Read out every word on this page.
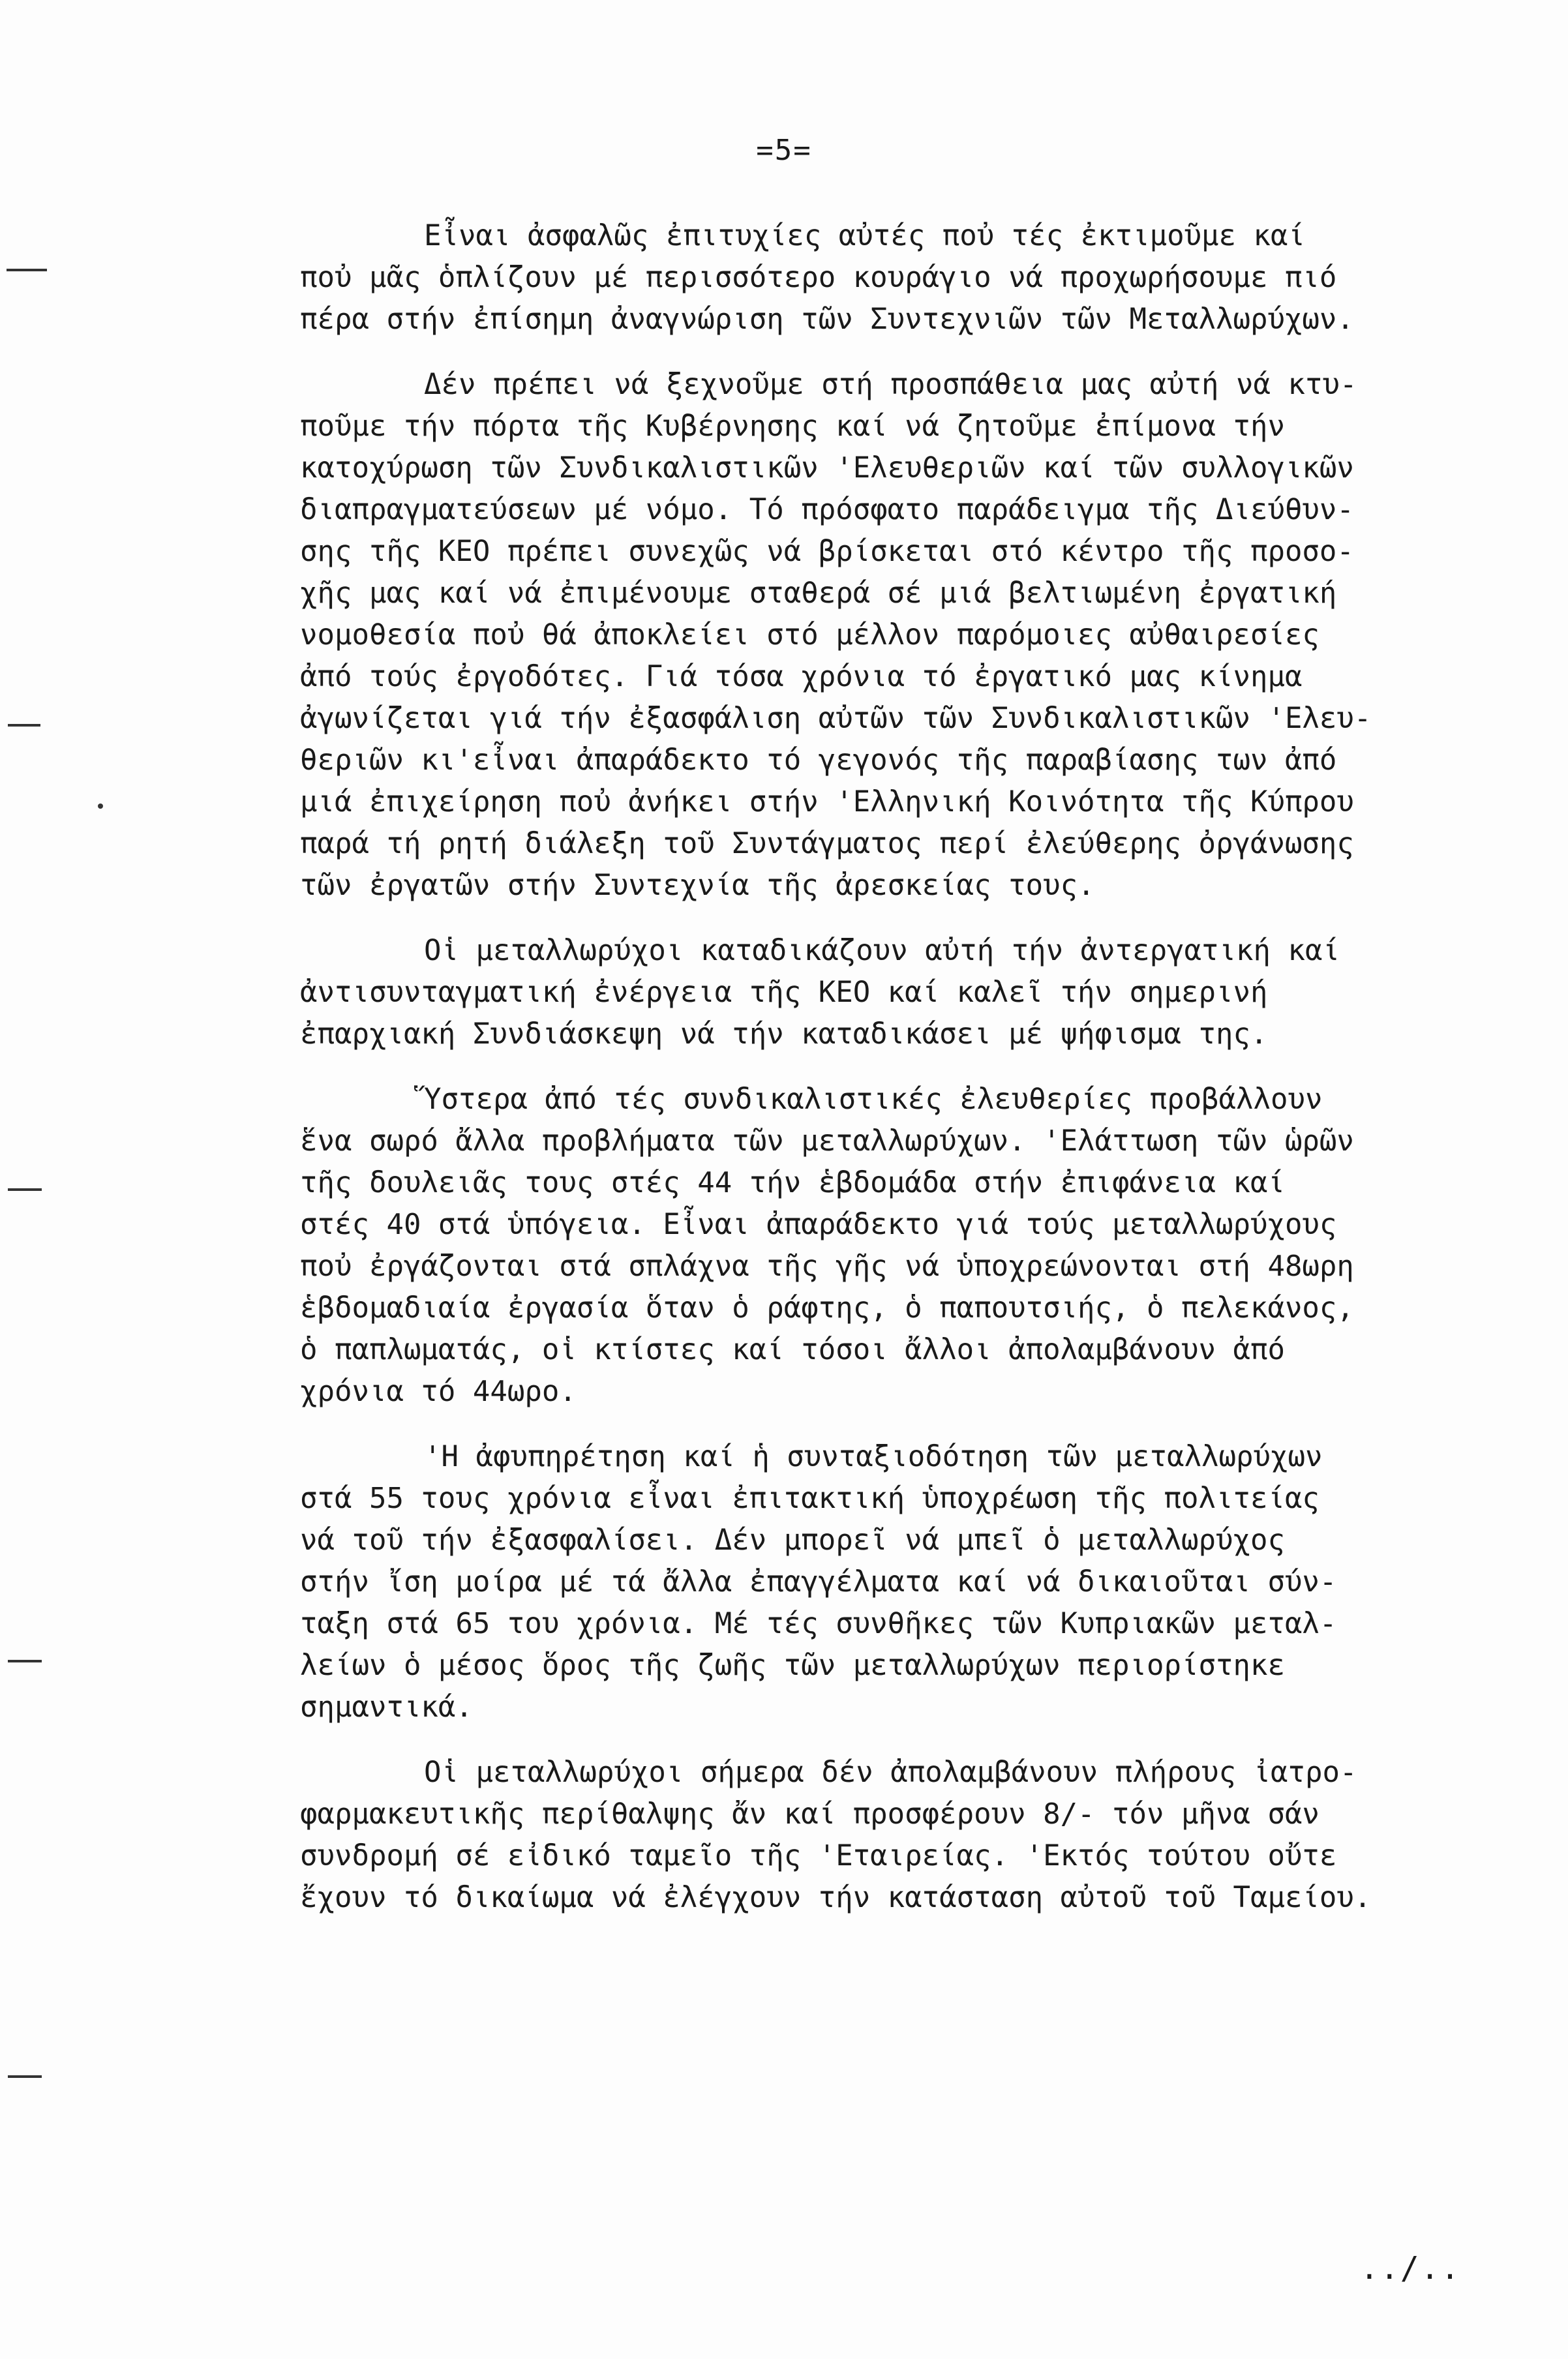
=5=
Εἶναι ἀσφαλῶς ἐπιτυχίες αὐτές ποὐ τές ἐκτιμοῦμε καί
ποὐ μᾶς ὁπλίζουν μέ περισσότερο κουράγιο νά προχωρήσουμε πιό
πέρα στήν ἐπίσημη ἀναγνώριση τῶν Συντεχνιῶν τῶν Μεταλλωρύχων.
Δέν πρέπει νά ξεχνοῦμε στή προσπάθεια μας αὐτή νά κτυ-
ποῦμε τήν πόρτα τῆς Κυβέρνησης καί νά ζητοῦμε ἐπίμονα τήν
κατοχύρωση τῶν Συνδικαλιστικῶν 'Ελευθεριῶν καί τῶν συλλογικῶν
διαπραγματεύσεων μέ νόμο. Τό πρόσφατο παράδειγμα τῆς Διεύθυν-
σης τῆς ΚΕΟ πρέπει συνεχῶς νά βρίσκεται στό κέντρο τῆς προσο-
χῆς μας καί νά ἐπιμένουμε σταθερά σέ μιά βελτιωμένη ἐργατική
νομοθεσία ποὐ θά ἀποκλείει στό μέλλον παρόμοιες αὐθαιρεσίες
ἀπό τούς ἐργοδότες. Γιά τόσα χρόνια τό ἐργατικό μας κίνημα
ἀγωνίζεται γιά τήν ἐξασφάλιση αὐτῶν τῶν Συνδικαλιστικῶν 'Ελευ-
θεριῶν κι'εἶναι ἀπαράδεκτο τό γεγονός τῆς παραβίασης των ἀπό
μιά ἐπιχείρηση ποὐ ἀνήκει στήν 'Ελληνική Κοινότητα τῆς Κύπρου
παρά τή ρητή διάλεξη τοῦ Συντάγματος περί ἐλεύθερης ὀργάνωσης
τῶν ἐργατῶν στήν Συντεχνία τῆς ἀρεσκείας τους.
Οἱ μεταλλωρύχοι καταδικάζουν αὐτή τήν ἀντεργατική καί
ἀντισυνταγματική ἐνέργεια τῆς ΚΕΟ καί καλεῖ τήν σημερινή
ἐπαρχιακή Συνδιάσκεψη νά τήν καταδικάσει μέ ψήφισμα της.
Ὕστερα ἀπό τές συνδικαλιστικές ἐλευθερίες προβάλλουν
ἕνα σωρό ἄλλα προβλήματα τῶν μεταλλωρύχων. 'Ελάττωση τῶν ὡρῶν
τῆς δουλειᾶς τους στές 44 τήν ἑβδομάδα στήν ἐπιφάνεια καί
στές 40 στά ὑπόγεια. Εἶναι ἀπαράδεκτο γιά τούς μεταλλωρύχους
ποὐ ἐργάζονται στά σπλάχνα τῆς γῆς νά ὑποχρεώνονται στή 48ωρη
ἑβδομαδιαία ἐργασία ὅταν ὁ ράφτης, ὁ παπουτσιής, ὁ πελεκάνος,
ὁ παπλωματάς, οἱ κτίστες καί τόσοι ἄλλοι ἀπολαμβάνουν ἀπό
χρόνια τό 44ωρο.
'Η ἀφυπηρέτηση καί ἡ συνταξιοδότηση τῶν μεταλλωρύχων
στά 55 τους χρόνια εἶναι ἐπιτακτική ὑποχρέωση τῆς πολιτείας
νά τοῦ τήν ἐξασφαλίσει. Δέν μπορεῖ νά μπεῖ ὁ μεταλλωρύχος
στήν ἴση μοίρα μέ τά ἄλλα ἐπαγγέλματα καί νά δικαιοῦται σύν-
ταξη στά 65 του χρόνια. Μέ τές συνθῆκες τῶν Κυπριακῶν μεταλ-
λείων ὁ μέσος ὅρος τῆς ζωῆς τῶν μεταλλωρύχων περιορίστηκε
σημαντικά.
Οἱ μεταλλωρύχοι σήμερα δέν ἀπολαμβάνουν πλήρους ἰατρο-
φαρμακευτικῆς περίθαλψης ἄν καί προσφέρουν 8/- τόν μῆνα σάν
συνδρομή σέ εἰδικό ταμεῖο τῆς 'Εταιρείας. 'Εκτός τούτου οὔτε
ἔχουν τό δικαίωμα νά ἐλέγχουν τήν κατάσταση αὐτοῦ τοῦ Ταμείου.
../..
